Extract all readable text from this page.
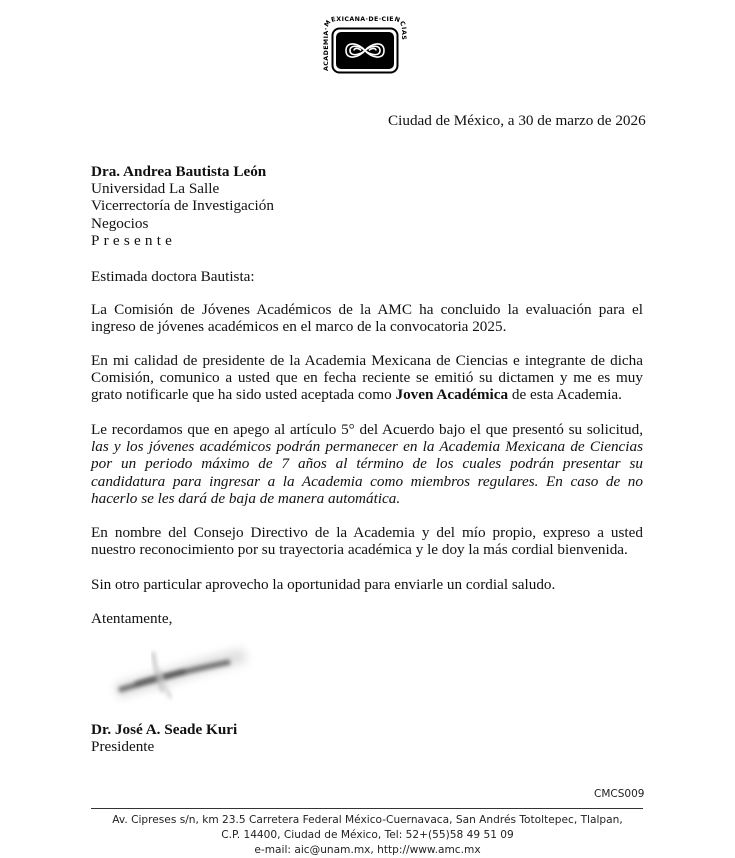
ACADEMIA·MEXICANA·DE·CIENCIAS
Ciudad de México, a 30 de marzo de 2026
Dra. Andrea Bautista León
Universidad La Salle
Vicerrectoría de Investigación
Negocios
Presente
Estimada doctora Bautista:
La Comisión de Jóvenes Académicos de la AMC ha concluido la evaluación para el ingreso de jóvenes académicos en el marco de la convocatoria 2025.
En mi calidad de presidente de la Academia Mexicana de Ciencias e integrante de dicha Comisión, comunico a usted que en fecha reciente se emitió su dictamen y me es muy grato notificarle que ha sido usted aceptada como Joven Académica de esta Academia.
Le recordamos que en apego al artículo 5° del Acuerdo bajo el que presentó su solicitud, las y los jóvenes académicos podrán permanecer en la Academia Mexicana de Ciencias por un periodo máximo de 7 años al término de los cuales podrán presentar su candidatura para ingresar a la Academia como miembros regulares. En caso de no hacerlo se les dará de baja de manera automática.
En nombre del Consejo Directivo de la Academia y del mío propio, expreso a usted nuestro reconocimiento por su trayectoria académica y le doy la más cordial bienvenida.
Sin otro particular aprovecho la oportunidad para enviarle un cordial saludo.
Atentamente,
Dr. José A. Seade Kuri
Presidente
CMCS009
Av. Cipreses s/n, km 23.5 Carretera Federal México-Cuernavaca, San Andrés Totoltepec, Tlalpan,
C.P. 14400, Ciudad de México, Tel: 52+(55)58 49 51 09
e-mail: aic@unam.mx, http://www.amc.mx
